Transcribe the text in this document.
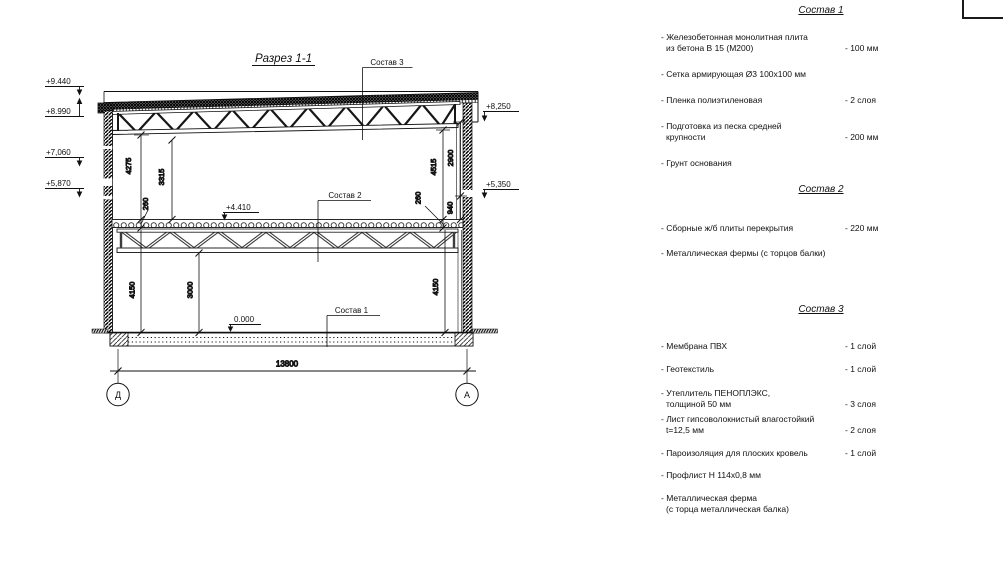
Разрез 1-1	Состав 3
Состав 2
Состав 1
+9.440
+8.990
+7,060
+5,870
+8,250
+5,350
+4.410
0.000
4275
3315
260
4150	3000
4515
2900
940
260
4150
13800
Д	А
Состав 1
- Железобетонная монолитная плита
из бетона В 15 (М200)	- 100 мм
- Сетка армирующая Ø3 100х100 мм
- Пленка полиэтиленовая	- 2 слоя
- Подготовка из песка средней
крупности	- 200 мм
- Грунт основания
Состав 2
- Сборные ж/б плиты перекрытия	- 220 мм
- Металлическая фермы (с торцов балки)
Состав 3
- Мембрана ПВХ	- 1 слой
- Геотекстиль	- 1 слой
- Утеплитель ПЕНОПЛЭКС,
толщиной 50 мм	- 3 слоя
- Лист гипсоволокнистый влагостойкий
t=12,5 мм	- 2 слоя
- Пароизоляция для плоских кровель	- 1 слой
- Профлист Н 114х0,8 мм
- Металлическая ферма
(с торца металлическая балка)
